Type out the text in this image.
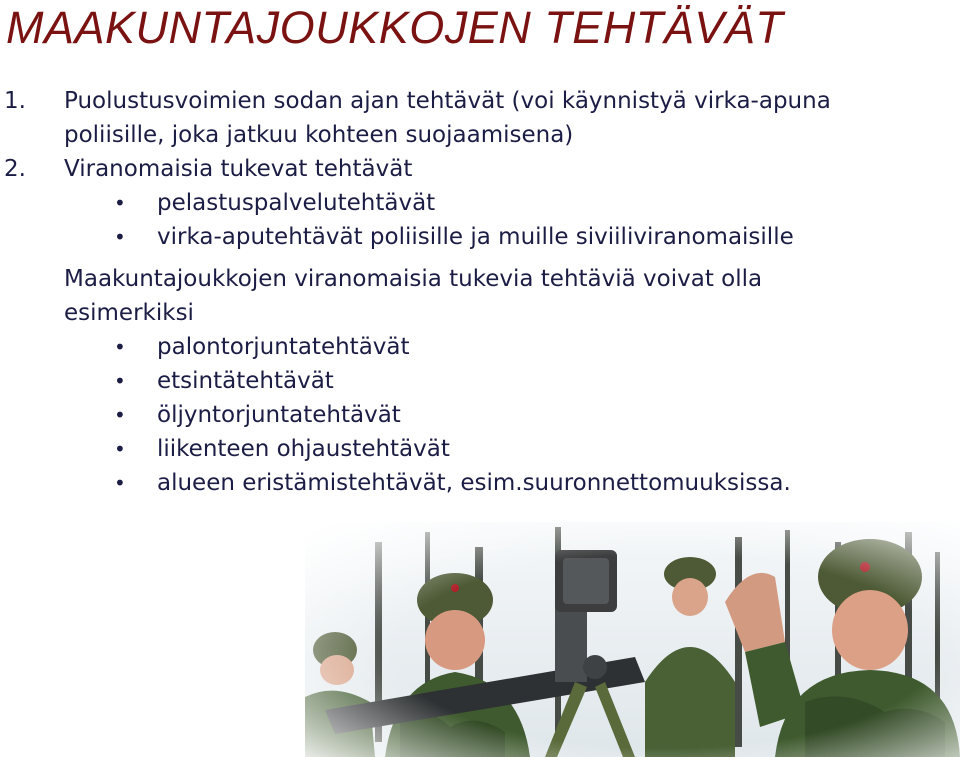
MAAKUNTAJOUKKOJEN TEHTÄVÄT
1. Puolustusvoimien sodan ajan tehtävät (voi käynnistyä virka-apuna poliisille, joka jatkuu kohteen suojaamisena)
2. Viranomaisia tukevat tehtävät
• pelastuspalvelutehtävät
• virka-aputehtävät poliisille ja muille siviiliviranomaisille
Maakuntajoukkojen viranomaisia tukevia tehtäviä voivat olla esimerkiksi
• palontorjuntatehtävät
• etsintätehtävät
• öljyntorjuntatehtävät
• liikenteen ohjaustehtävät
• alueen eristämistehtävät, esim.suuronnettomuuksissa.
